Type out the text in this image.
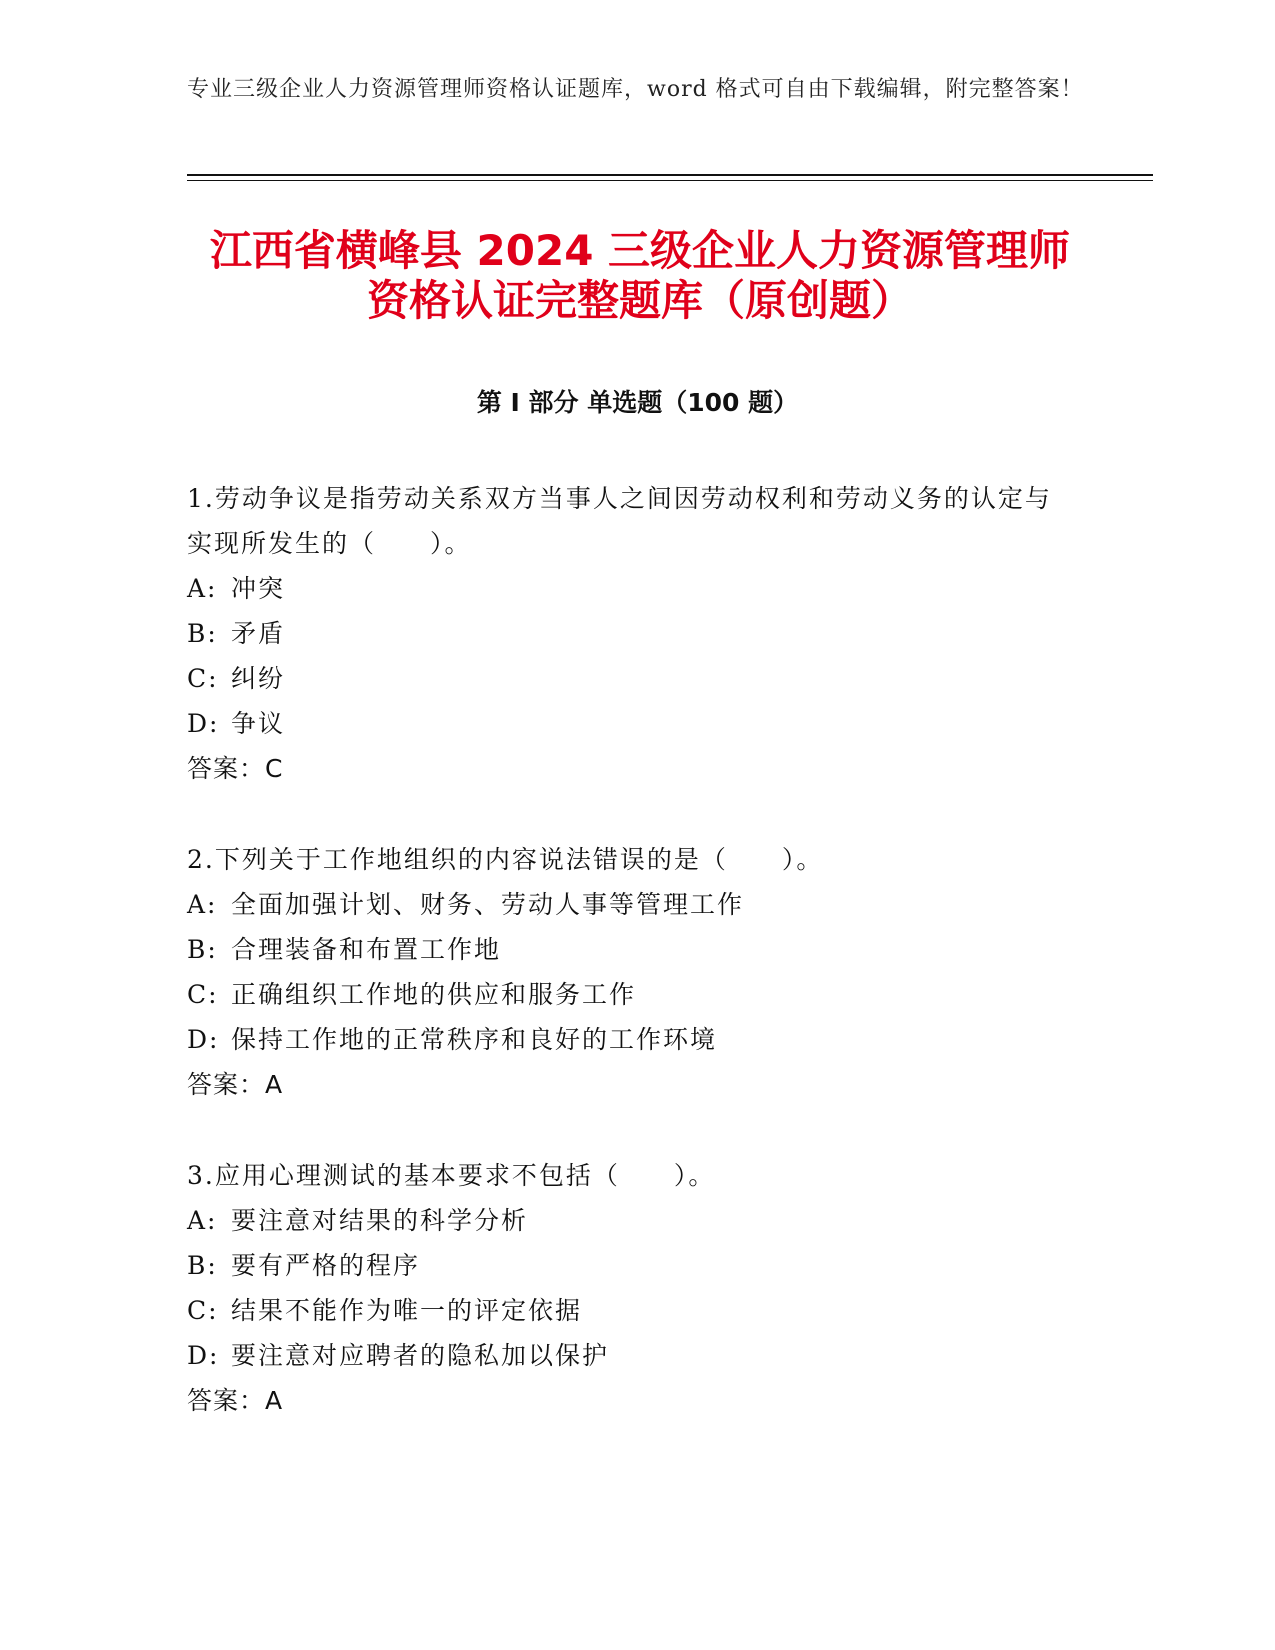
专业三级企业人力资源管理师资格认证题库，word 格式可自由下载编辑，附完整答案！
江西省横峰县 2024 三级企业人力资源管理师
资格认证完整题库（原创题）
第 I 部分 单选题（100 题）

1.劳动争议是指劳动关系双方当事人之间因劳动权利和劳动义务的认定与实现所发生的（　　）。

A: 冲突

B: 矛盾

C: 纠纷

D: 争议

答案：C

2.下列关于工作地组织的内容说法错误的是（　　）。

A: 全面加强计划、财务、劳动人事等管理工作

B: 合理装备和布置工作地

C: 正确组织工作地的供应和服务工作

D: 保持工作地的正常秩序和良好的工作环境

答案：A

3.应用心理测试的基本要求不包括（　　）。

A: 要注意对结果的科学分析

B: 要有严格的程序

C: 结果不能作为唯一的评定依据

D: 要注意对应聘者的隐私加以保护

答案：A
